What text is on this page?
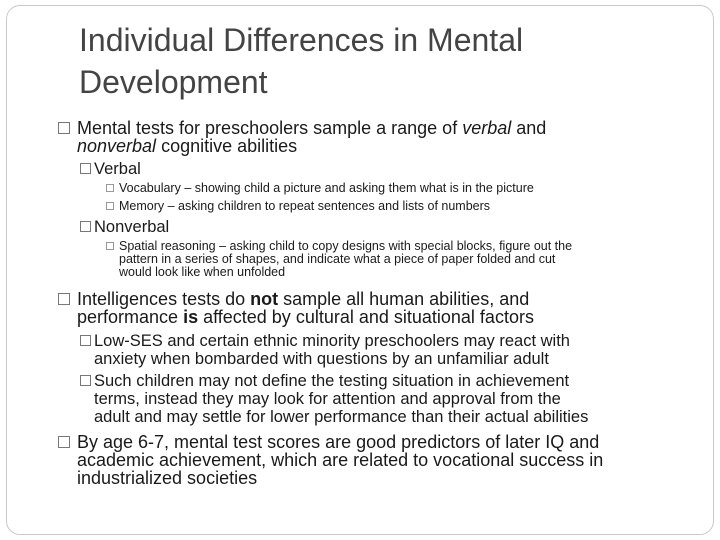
Individual Differences in Mental
Development
Mental tests for preschoolers sample a range of verbal and
nonverbal cognitive abilities
Verbal
Vocabulary – showing child a picture and asking them what is in the picture
Memory – asking children to repeat sentences and lists of numbers
Nonverbal
Spatial reasoning – asking child to copy designs with special blocks, figure out the
pattern in a series of shapes, and indicate what a piece of paper folded and cut
would look like when unfolded
Intelligences tests do not sample all human abilities, and
performance is affected by cultural and situational factors
Low-SES and certain ethnic minority preschoolers may react with
anxiety when bombarded with questions by an unfamiliar adult
Such children may not define the testing situation in achievement
terms, instead they may look for attention and approval from the
adult and may settle for lower performance than their actual abilities
By age 6-7, mental test scores are good predictors of later IQ and
academic achievement, which are related to vocational success in
industrialized societies
